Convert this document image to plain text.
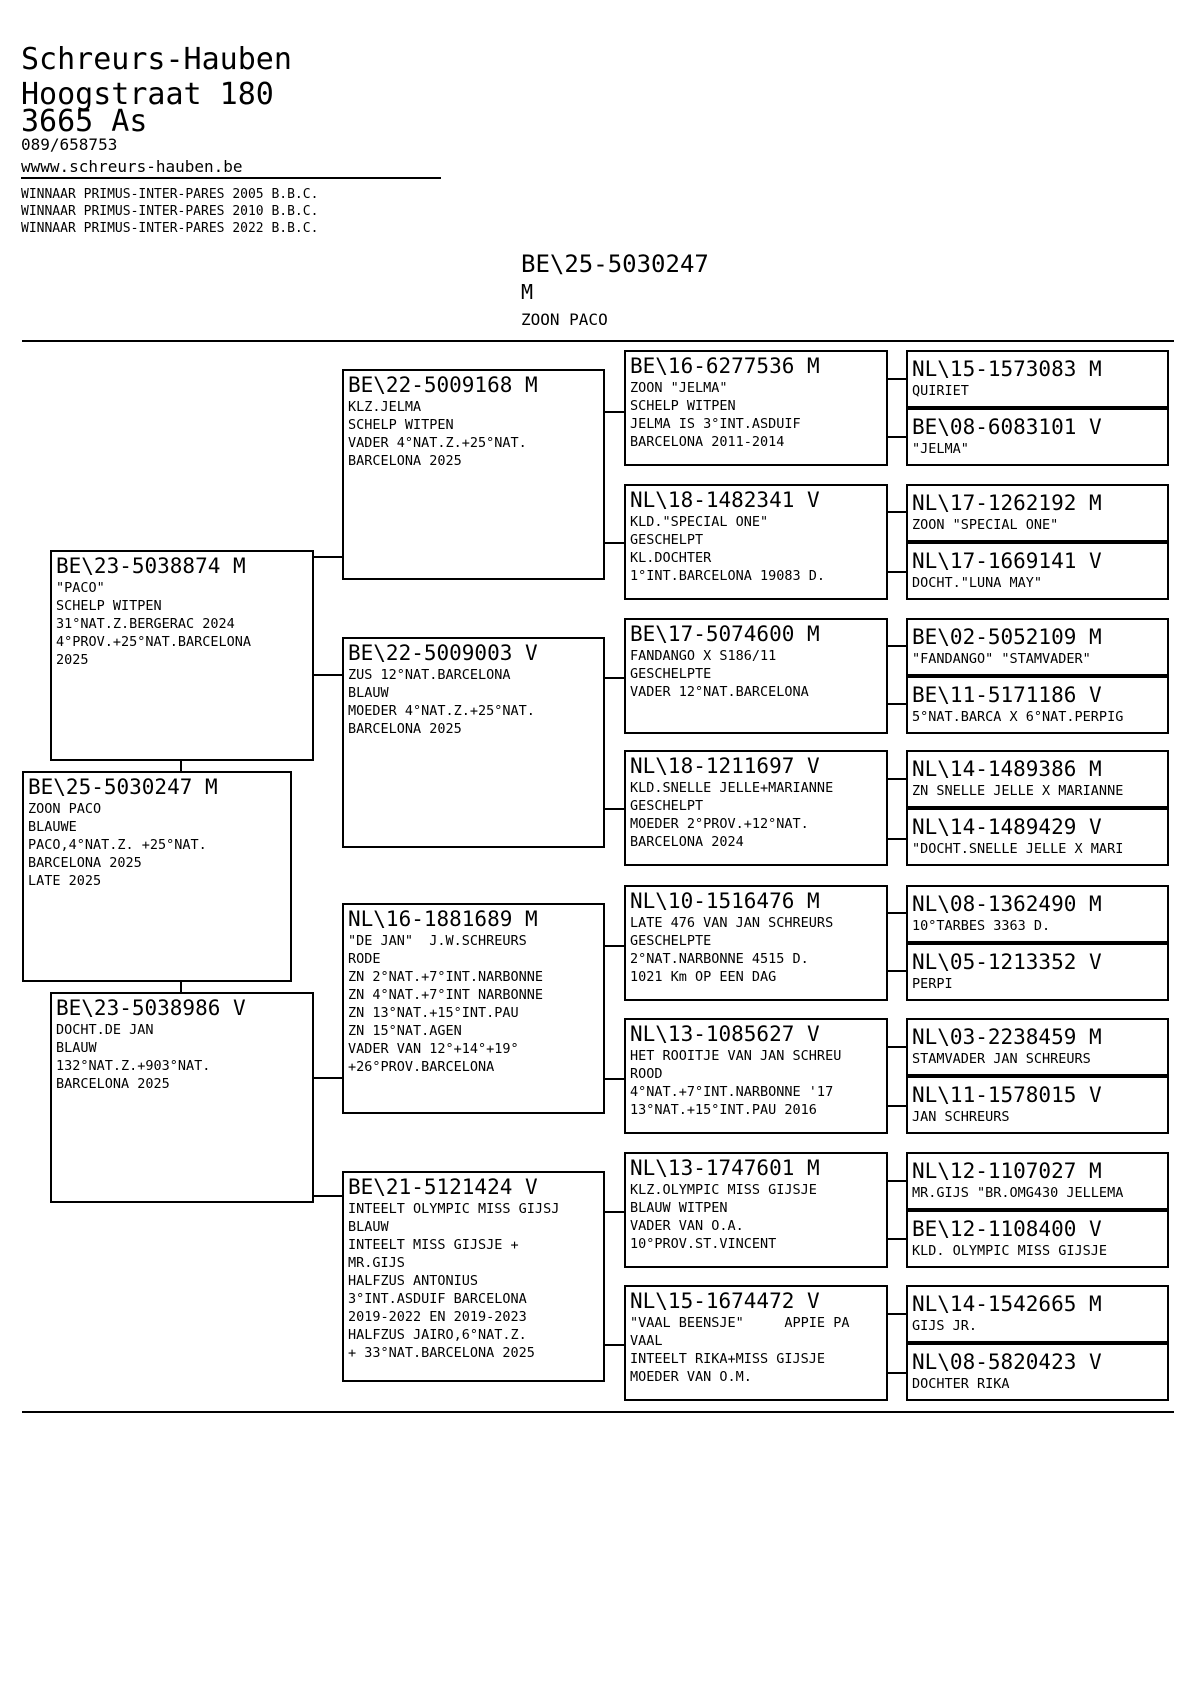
Schreurs-Hauben
Hoogstraat 180
3665 As
089/658753
wwww.schreurs-hauben.be
WINNAAR PRIMUS-INTER-PARES 2005 B.B.C.
WINNAAR PRIMUS-INTER-PARES 2010 B.B.C.
WINNAAR PRIMUS-INTER-PARES 2022 B.B.C.
BE\25-5030247
M
ZOON PACO
BE\23-5038874 M
"PACO"
SCHELP WITPEN
31°NAT.Z.BERGERAC 2024
4°PROV.+25°NAT.BARCELONA
2025
BE\25-5030247 M
ZOON PACO
BLAUWE
PACO,4°NAT.Z. +25°NAT.
BARCELONA 2025
LATE 2025
BE\23-5038986 V
DOCHT.DE JAN
BLAUW
132°NAT.Z.+903°NAT.
BARCELONA 2025
BE\22-5009168 M
KLZ.JELMA
SCHELP WITPEN
VADER 4°NAT.Z.+25°NAT.
BARCELONA 2025
BE\22-5009003 V
ZUS 12°NAT.BARCELONA
BLAUW
MOEDER 4°NAT.Z.+25°NAT.
BARCELONA 2025
NL\16-1881689 M
"DE JAN"  J.W.SCHREURS
RODE
ZN 2°NAT.+7°INT.NARBONNE
ZN 4°NAT.+7°INT NARBONNE
ZN 13°NAT.+15°INT.PAU
ZN 15°NAT.AGEN
VADER VAN 12°+14°+19°
+26°PROV.BARCELONA
BE\21-5121424 V
INTEELT OLYMPIC MISS GIJSJ
BLAUW
INTEELT MISS GIJSJE +
MR.GIJS
HALFZUS ANTONIUS
3°INT.ASDUIF BARCELONA
2019-2022 EN 2019-2023
HALFZUS JAIRO,6°NAT.Z.
+ 33°NAT.BARCELONA 2025
BE\16-6277536 M
ZOON "JELMA"
SCHELP WITPEN
JELMA IS 3°INT.ASDUIF
BARCELONA 2011-2014
NL\18-1482341 V
KLD."SPECIAL ONE"
GESCHELPT
KL.DOCHTER
1°INT.BARCELONA 19083 D.
BE\17-5074600 M
FANDANGO X S186/11
GESCHELPTE
VADER 12°NAT.BARCELONA
NL\18-1211697 V
KLD.SNELLE JELLE+MARIANNE
GESCHELPT
MOEDER 2°PROV.+12°NAT.
BARCELONA 2024
NL\10-1516476 M
LATE 476 VAN JAN SCHREURS
GESCHELPTE
2°NAT.NARBONNE 4515 D.
1021 Km OP EEN DAG
NL\13-1085627 V
HET ROOITJE VAN JAN SCHREU
ROOD
4°NAT.+7°INT.NARBONNE '17
13°NAT.+15°INT.PAU 2016
NL\13-1747601 M
KLZ.OLYMPIC MISS GIJSJE
BLAUW WITPEN
VADER VAN O.A.
10°PROV.ST.VINCENT
NL\15-1674472 V
"VAAL BEENSJE"     APPIE PA
VAAL
INTEELT RIKA+MISS GIJSJE
MOEDER VAN O.M.
NL\15-1573083 M
QUIRIET
BE\08-6083101 V
"JELMA"
NL\17-1262192 M
ZOON "SPECIAL ONE"
NL\17-1669141 V
DOCHT."LUNA MAY"
BE\02-5052109 M
"FANDANGO" "STAMVADER"
BE\11-5171186 V
5°NAT.BARCA X 6°NAT.PERPIG
NL\14-1489386 M
ZN SNELLE JELLE X MARIANNE
NL\14-1489429 V
"DOCHT.SNELLE JELLE X MARI
NL\08-1362490 M
10°TARBES 3363 D.
NL\05-1213352 V
PERPI
NL\03-2238459 M
STAMVADER JAN SCHREURS
NL\11-1578015 V
JAN SCHREURS
NL\12-1107027 M
MR.GIJS "BR.OMG430 JELLEMA
BE\12-1108400 V
KLD. OLYMPIC MISS GIJSJE
NL\14-1542665 M
GIJS JR.
NL\08-5820423 V
DOCHTER RIKA
